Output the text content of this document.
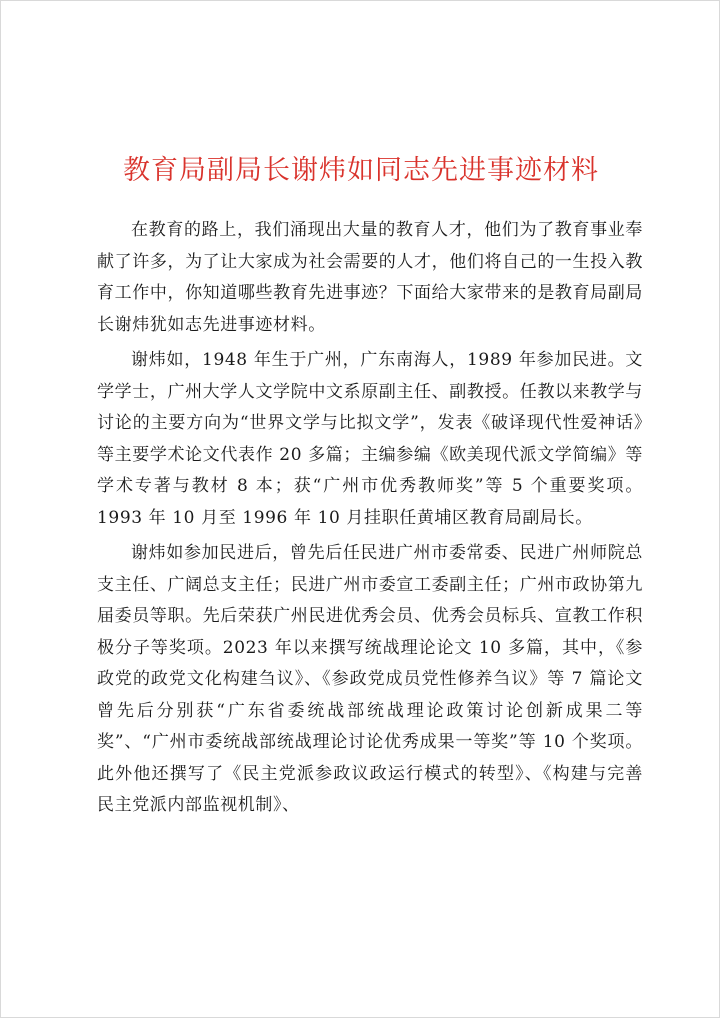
教育局副局长谢炜如同志先进事迹材料

在教育的路上，我们涌现出大量的教育人才，他们为了教育事业奉献了许多，为了让大家成为社会需要的人才，他们将自己的一生投入教育工作中，你知道哪些教育先进事迹？下面给大家带来的是教育局副局长谢炜犹如志先进事迹材料。

谢炜如，1948 年生于广州，广东南海人，1989 年参加民进。文学学士，广州大学人文学院中文系原副主任、副教授。任教以来教学与讨论的主要方向为“世界文学与比拟文学”，发表《破译现代性爱神话》等主要学术论文代表作 20 多篇；主编参编《欧美现代派文学简编》等学术专著与教材 8 本；获“广州市优秀教师奖”等 5 个重要奖项。1993 年 10 月至 1996 年 10 月挂职任黄埔区教育局副局长。

谢炜如参加民进后，曾先后任民进广州市委常委、民进广州师院总支主任、广阔总支主任；民进广州市委宣工委副主任；广州市政协第九届委员等职。先后荣获广州民进优秀会员、优秀会员标兵、宣教工作积极分子等奖项。2023 年以来撰写统战理论论文 10 多篇，其中，《参政党的政党文化构建刍议》、《参政党成员党性修养刍议》等 7 篇论文曾先后分别获“广东省委统战部统战理论政策讨论创新成果二等奖”、“广州市委统战部统战理论讨论优秀成果一等奖”等 10 个奖项。此外他还撰写了《民主党派参政议政运行模式的转型》、《构建与完善民主党派内部监视机制》、
